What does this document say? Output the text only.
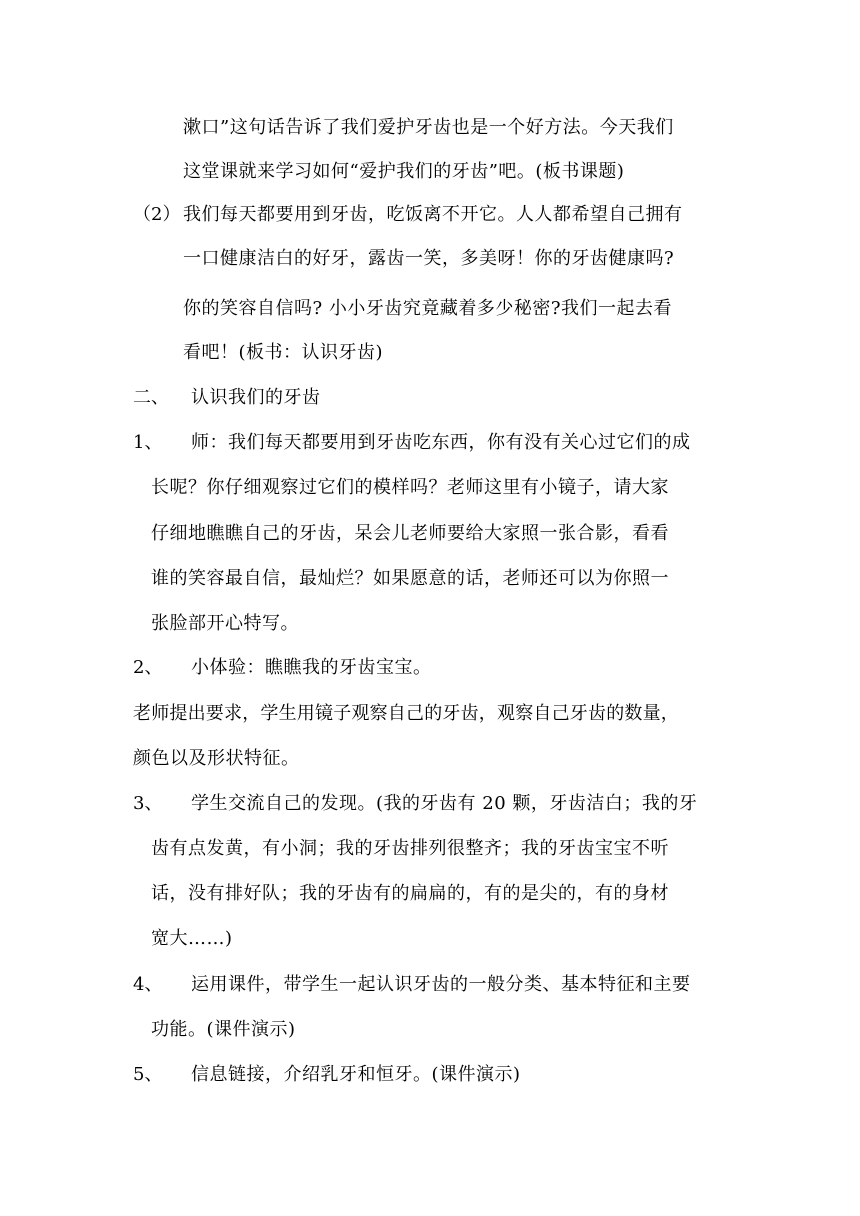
漱口”这句话告诉了我们爱护牙齿也是一个好方法。今天我们
这堂课就来学习如何“爱护我们的牙齿”吧。(板书课题)
（2） 我们每天都要用到牙齿，吃饭离不开它。人人都希望自己拥有
一口健康洁白的好牙，露齿一笑，多美呀！你的牙齿健康吗?
你的笑容自信吗? 小小牙齿究竟藏着多少秘密?我们一起去看
看吧！(板书：认识牙齿)
二、 认识我们的牙齿
1、 师：我们每天都要用到牙齿吃东西，你有没有关心过它们的成
长呢？你仔细观察过它们的模样吗？老师这里有小镜子，请大家
仔细地瞧瞧自己的牙齿，呆会儿老师要给大家照一张合影，看看
谁的笑容最自信，最灿烂？如果愿意的话，老师还可以为你照一
张脸部开心特写。
2、 小体验：瞧瞧我的牙齿宝宝。
老师提出要求，学生用镜子观察自己的牙齿，观察自己牙齿的数量，
颜色以及形状特征。
3、 学生交流自己的发现。(我的牙齿有 20 颗，牙齿洁白；我的牙
齿有点发黄，有小洞；我的牙齿排列很整齐；我的牙齿宝宝不听
话，没有排好队；我的牙齿有的扁扁的，有的是尖的，有的身材
宽大……)
4、 运用课件，带学生一起认识牙齿的一般分类、基本特征和主要
功能。(课件演示)
5、 信息链接，介绍乳牙和恒牙。(课件演示)
